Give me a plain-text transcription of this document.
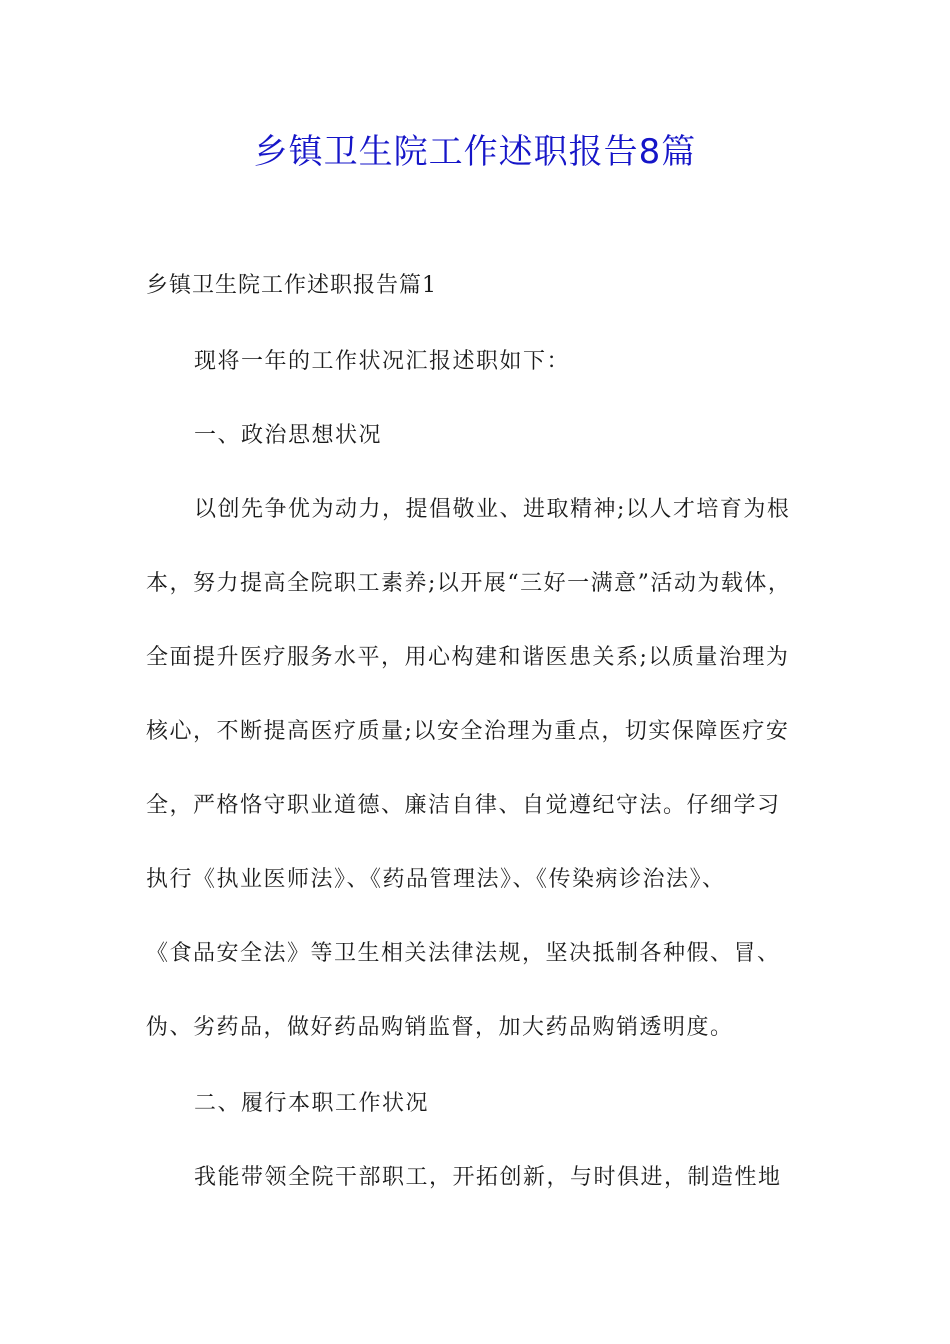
乡镇卫生院工作述职报告8篇
乡镇卫生院工作述职报告篇1
现将一年的工作状况汇报述职如下：
一、政治思想状况
以创先争优为动力，提倡敬业、进取精神;以人才培育为根
本，努力提高全院职工素养;以开展“三好一满意”活动为载体，
全面提升医疗服务水平，用心构建和谐医患关系;以质量治理为
核心，不断提高医疗质量;以安全治理为重点，切实保障医疗安
全，严格恪守职业道德、廉洁自律、自觉遵纪守法。仔细学习
执行《执业医师法》、《药品管理法》、《传染病诊治法》、
《食品安全法》等卫生相关法律法规，坚决抵制各种假、冒、
伪、劣药品，做好药品购销监督，加大药品购销透明度。
二、履行本职工作状况
我能带领全院干部职工，开拓创新，与时俱进，制造性地
